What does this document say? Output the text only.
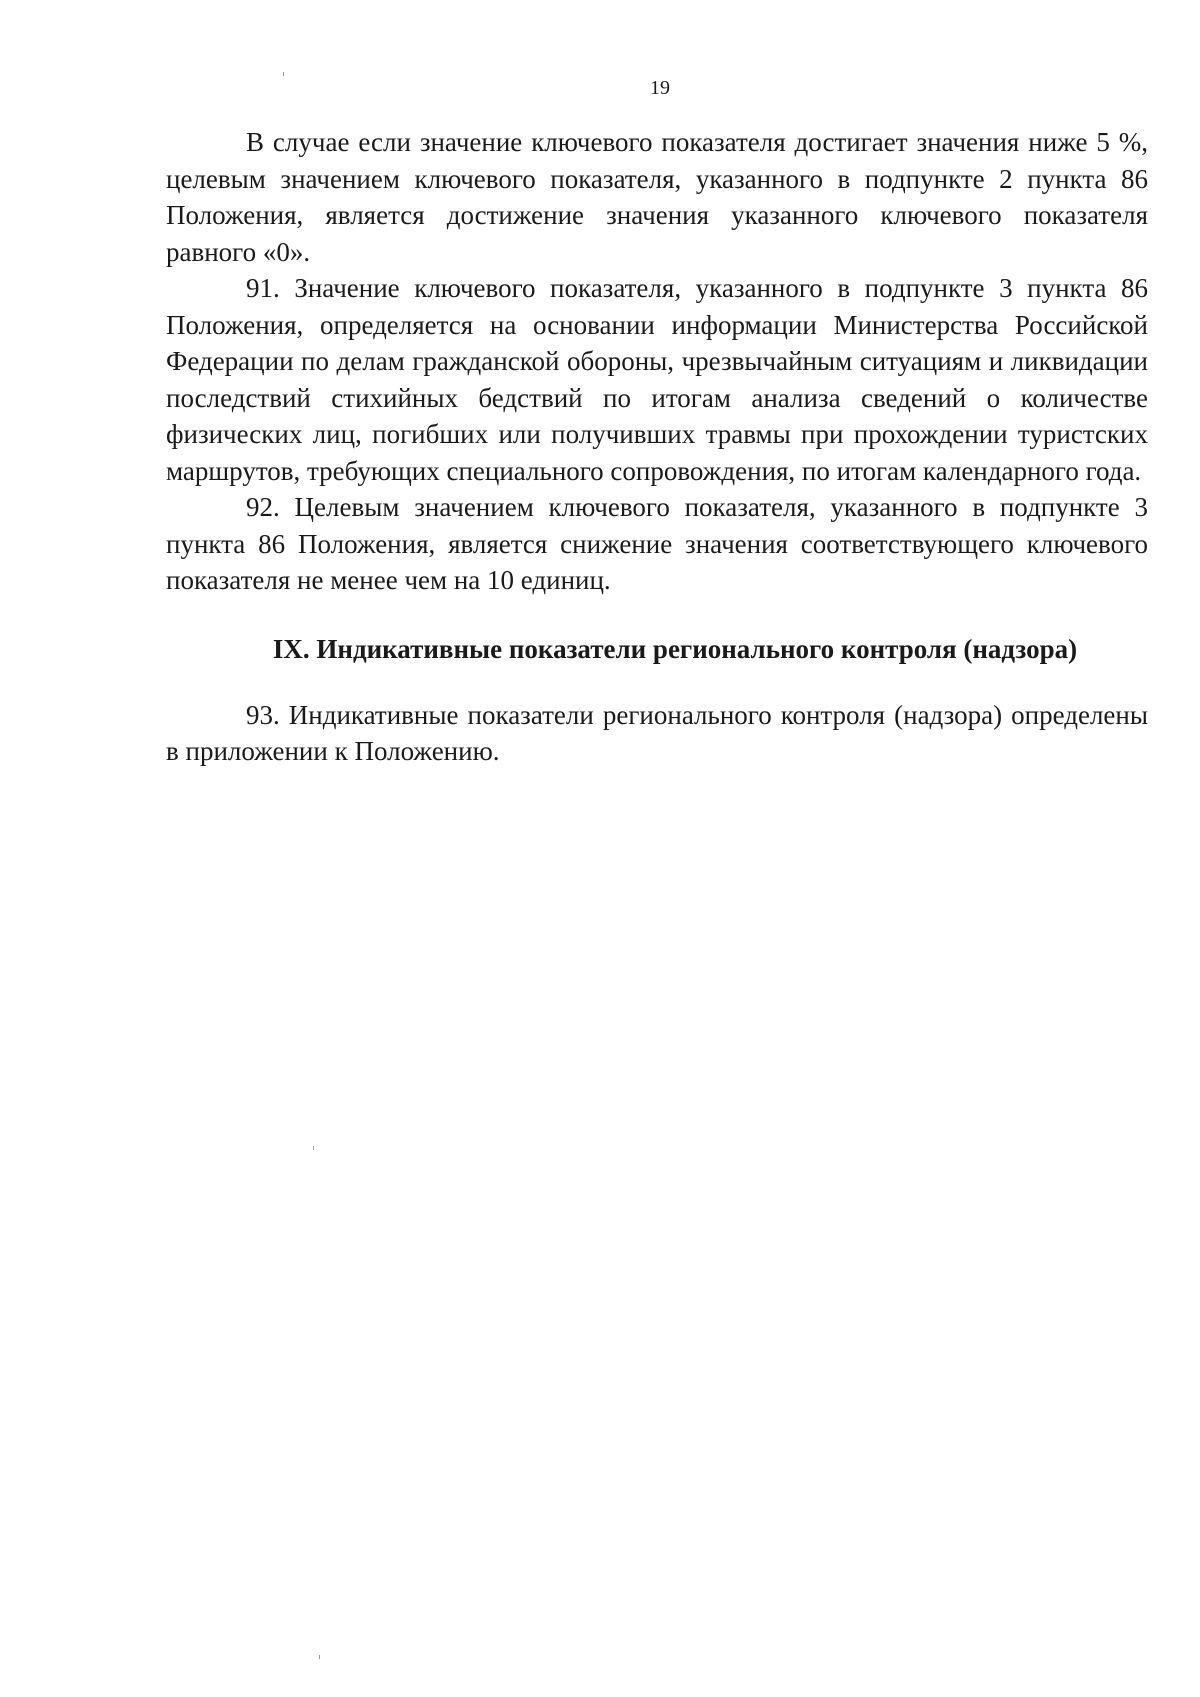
19

В случае если значение ключевого показателя достигает значения ниже 5 %, целевым значением ключевого показателя, указанного в подпункте 2 пункта 86 Положения, является достижение значения указанного ключевого показателя равного «0».

91. Значение ключевого показателя, указанного в подпункте 3 пункта 86 Положения, определяется на основании информации Министерства Российской Федерации по делам гражданской обороны, чрезвычайным ситуациям и ликвидации последствий стихийных бедствий по итогам анализа сведений о количестве физических лиц, погибших или получивших травмы при прохождении туристских маршрутов, требующих специального сопровождения, по итогам календарного года.

92. Целевым значением ключевого показателя, указанного в подпункте 3 пункта 86 Положения, является снижение значения соответствующего ключевого показателя не менее чем на 10 единиц.

IX. Индикативные показатели регионального контроля (надзора)

93. Индикативные показатели регионального контроля (надзора) определены в приложении к Положению.
